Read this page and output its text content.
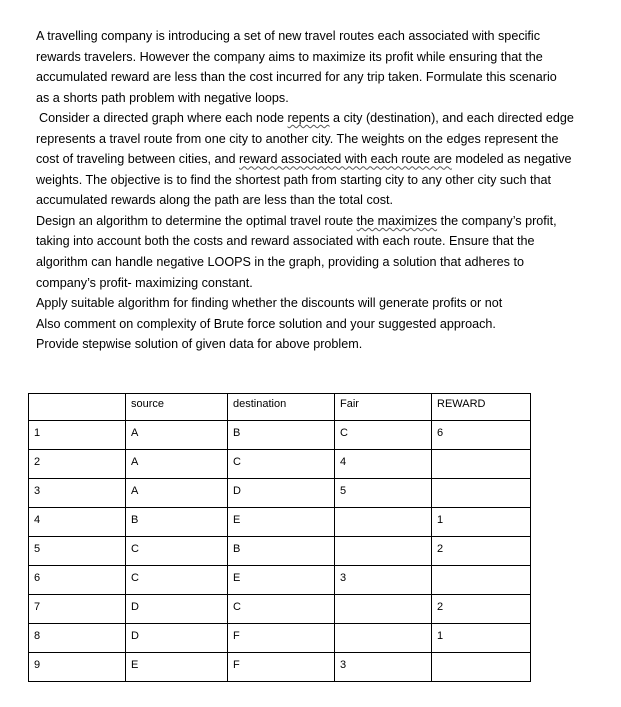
A travelling company is introducing a set of new travel routes each associated with specific

rewards travelers. However the company aims to maximize its profit while ensuring that the

accumulated reward are less than the cost incurred for any trip taken. Formulate this scenario

as a shorts path problem with negative loops.

Consider a directed graph where each node repents a city (destination), and each directed edge

represents a travel route from one city to another city. The weights on the edges represent the

cost of traveling between cities, and reward associated with each route are modeled as negative

weights. The objective is to find the shortest path from starting city to any other city such that

accumulated rewards along the path are less than the total cost.

Design an algorithm to determine the optimal travel route the maximizes the company’s profit,

taking into account both the costs and reward associated with each route. Ensure that the

algorithm can handle negative LOOPS in the graph, providing a solution that adheres to

company’s profit- maximizing constant.

Apply suitable algorithm for finding whether the discounts will generate profits or not

Also comment on complexity of Brute force solution and your suggested approach.

Provide stepwise solution of given data for above problem.

	source	destination	Fair	REWARD
1	A	B	C	6
2	A	C	4	
3	A	D	5	
4	B	E		1
5	C	B		2
6	C	E	3	
7	D	C		2
8	D	F		1
9	E	F	3	
